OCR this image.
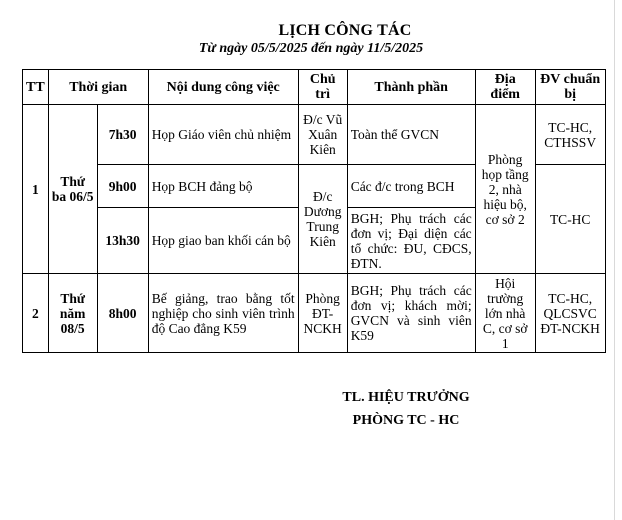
LỊCH CÔNG TÁC
Từ ngày 05/5/2025 đến ngày 11/5/2025
TT	Thời gian		Nội dung công việc	Chủ trì	Thành phần	Địa điểm	ĐV chuẩn bị
1	Thứ ba 06/5	7h30	Họp Giáo viên chủ nhiệm	Đ/c Vũ Xuân Kiên	Toàn thể GVCN	Phòng họp tầng 2, nhà hiệu bộ, cơ sở 2	TC-HC, CTHSSV
		9h00	Họp BCH đảng bộ	Đ/c Dương Trung Kiên	Các đ/c trong BCH		TC-HC
		13h30	Họp giao ban khối cán bộ		BGH; Phụ trách các đơn vị; Đại diện các tổ chức: ĐU, CĐCS, ĐTN.		
2	Thứ năm 08/5	8h00	Bế giảng, trao bằng tốt nghiệp cho sinh viên trình độ Cao đẳng K59	Phòng ĐT-NCKH	BGH; Phụ trách các đơn vị; khách mời; GVCN và sinh viên K59	Hội trường lớn nhà C, cơ sở 1	TC-HC, QLCSVC ĐT-NCKH
TL. HIỆU TRƯỞNG
PHÒNG TC - HC
